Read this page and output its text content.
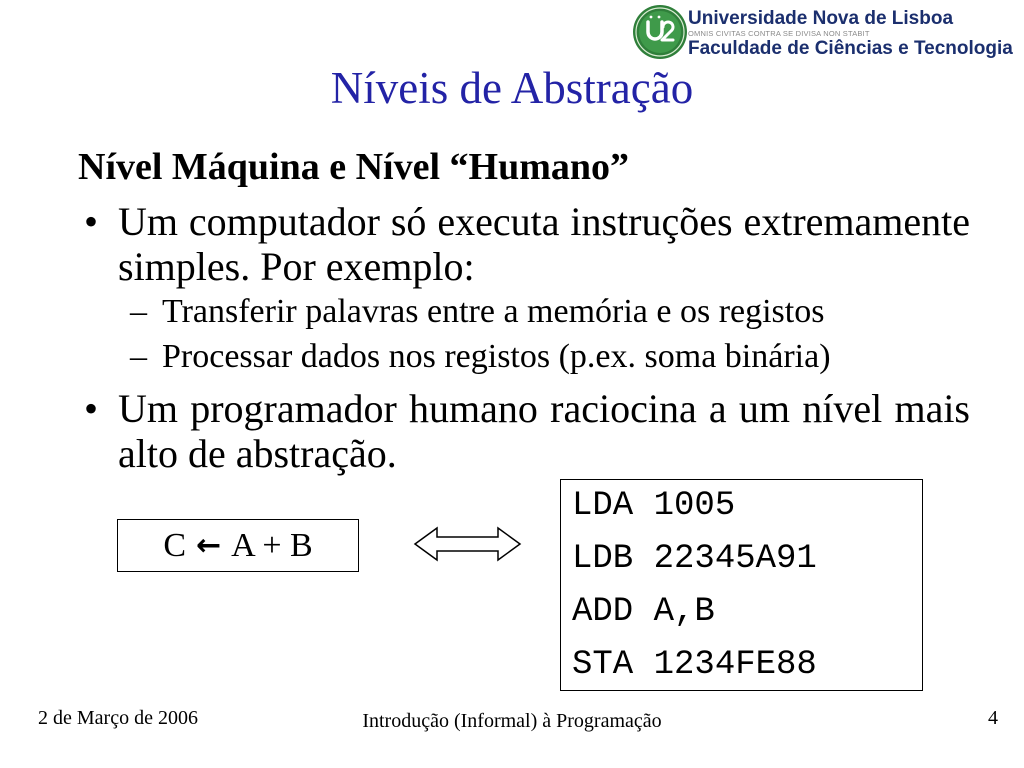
Universidade Nova de Lisboa
OMNIS CIVITAS CONTRA SE DIVISA NON STABIT
Faculdade de Ciências e Tecnologia
Níveis de Abstração
Nível Máquina e Nível “Humano”
• Um computador só executa instruções extremamente simples. Por exemplo:

– Transferir palavras entre a memória e os registos
– Processar dados nos registos (p.ex. soma binária)
• Um programador humano raciocina a um nível mais alto de abstração.

C ← A + B
LDA 1005
LDB 22345A91
ADD A,B
STA 1234FE88
2 de Março de 2006	Introdução (Informal) à Programação	4
